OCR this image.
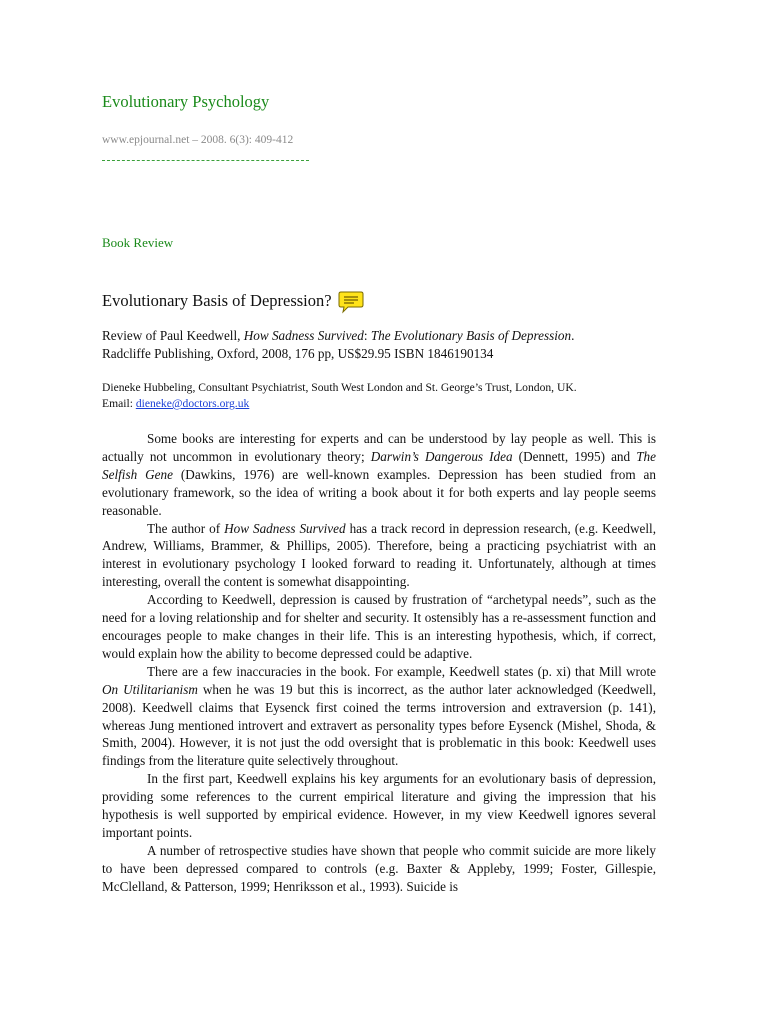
Evolutionary Psychology
www.epjournal.net – 2008. 6(3): 409-412
Book Review
Evolutionary Basis of Depression?
Review of Paul Keedwell, How Sadness Survived: The Evolutionary Basis of Depression.
Radcliffe Publishing, Oxford, 2008, 176 pp, US$29.95 ISBN 1846190134
Dieneke Hubbeling, Consultant Psychiatrist, South West London and St. George’s Trust, London, UK.
Email: dieneke@doctors.org.uk

Some books are interesting for experts and can be understood by lay people as well. This is actually not uncommon in evolutionary theory; Darwin’s Dangerous Idea (Dennett, 1995) and The Selfish Gene (Dawkins, 1976) are well-known examples. Depression has been studied from an evolutionary framework, so the idea of writing a book about it for both experts and lay people seems reasonable.

The author of How Sadness Survived has a track record in depression research, (e.g. Keedwell, Andrew, Williams, Brammer, & Phillips, 2005). Therefore, being a practicing psychiatrist with an interest in evolutionary psychology I looked forward to reading it. Unfortunately, although at times interesting, overall the content is somewhat disappointing.

According to Keedwell, depression is caused by frustration of “archetypal needs”, such as the need for a loving relationship and for shelter and security. It ostensibly has a re-assessment function and encourages people to make changes in their life. This is an interesting hypothesis, which, if correct, would explain how the ability to become depressed could be adaptive.

There are a few inaccuracies in the book. For example, Keedwell states (p. xi) that Mill wrote On Utilitarianism when he was 19 but this is incorrect, as the author later acknowledged (Keedwell, 2008). Keedwell claims that Eysenck first coined the terms introversion and extraversion (p. 141), whereas Jung mentioned introvert and extravert as personality types before Eysenck (Mishel, Shoda, & Smith, 2004). However, it is not just the odd oversight that is problematic in this book: Keedwell uses findings from the literature quite selectively throughout.

In the first part, Keedwell explains his key arguments for an evolutionary basis of depression, providing some references to the current empirical literature and giving the impression that his hypothesis is well supported by empirical evidence. However, in my view Keedwell ignores several important points.

A number of retrospective studies have shown that people who commit suicide are more likely to have been depressed compared to controls (e.g. Baxter & Appleby, 1999; Foster, Gillespie, McClelland, & Patterson, 1999; Henriksson et al., 1993). Suicide is
